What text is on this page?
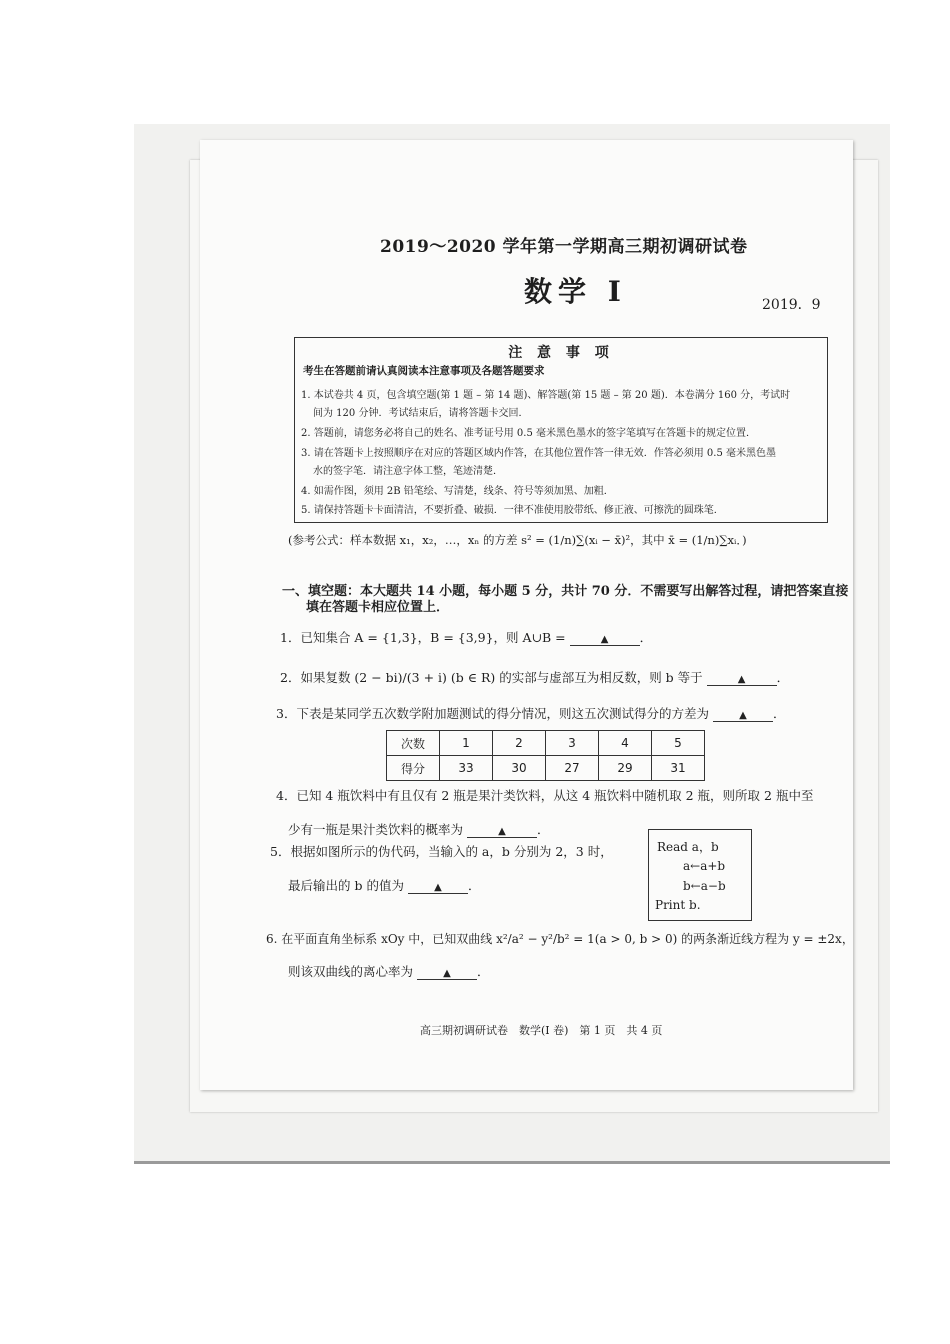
2019～2020 学年第一学期高三期初调研试卷
数学 I	2019．9
注 意 事 项
考生在答题前请认真阅读本注意事项及各题答题要求
1. 本试卷共 4 页，包含填空题(第 1 题 – 第 14 题)、解答题(第 15 题 – 第 20 题)．本卷满分 160 分，考试时
间为 120 分钟．考试结束后，请将答题卡交回．
2. 答题前，请您务必将自己的姓名、准考证号用 0.5 毫米黑色墨水的签字笔填写在答题卡的规定位置．
3. 请在答题卡上按照顺序在对应的答题区域内作答，在其他位置作答一律无效．作答必须用 0.5 毫米黑色墨
水的签字笔．请注意字体工整，笔迹清楚．
4. 如需作图，须用 2B 铅笔绘、写清楚，线条、符号等须加黑、加粗．
5. 请保持答题卡卡面清洁，不要折叠、破损．一律不准使用胶带纸、修正液、可擦洗的圆珠笔．
(参考公式：样本数据 x₁，x₂，…，xₙ 的方差 s² = (1/n)∑(xᵢ − x̄)²，其中 x̄ = (1/n)∑xᵢ．)
一、填空题：本大题共 14 小题，每小题 5 分，共计 70 分．不需要写出解答过程，请把答案直接
填在答题卡相应位置上．
1．已知集合 A = {1,3}，B = {3,9}，则 A∪B =	▲ ．
2．如果复数 (2 − bi)/(3 + i) (b ∈ R) 的实部与虚部互为相反数，则 b 等于	▲ ．
3．下表是某同学五次数学附加题测试的得分情况，则这五次测试得分的方差为	▲ ．
次数	1	2	3	4	5
得分	33	30	27	29	31
4．已知 4 瓶饮料中有且仅有 2 瓶是果汁类饮料，从这 4 瓶饮料中随机取 2 瓶，则所取 2 瓶中至
少有一瓶是果汁类饮料的概率为	▲ ．
5．根据如图所示的伪代码，当输入的 a，b 分别为 2，3 时，
最后输出的 b 的值为	▲ ．
Read a，b
a←a+b
b←a−b
Print b.
6. 在平面直角坐标系 xOy 中，已知双曲线 x²/a² − y²/b² = 1(a > 0, b > 0) 的两条渐近线方程为 y = ±2x，
则该双曲线的离心率为	▲ ．
高三期初调研试卷　数学(I 卷)　第 1 页　共 4 页
